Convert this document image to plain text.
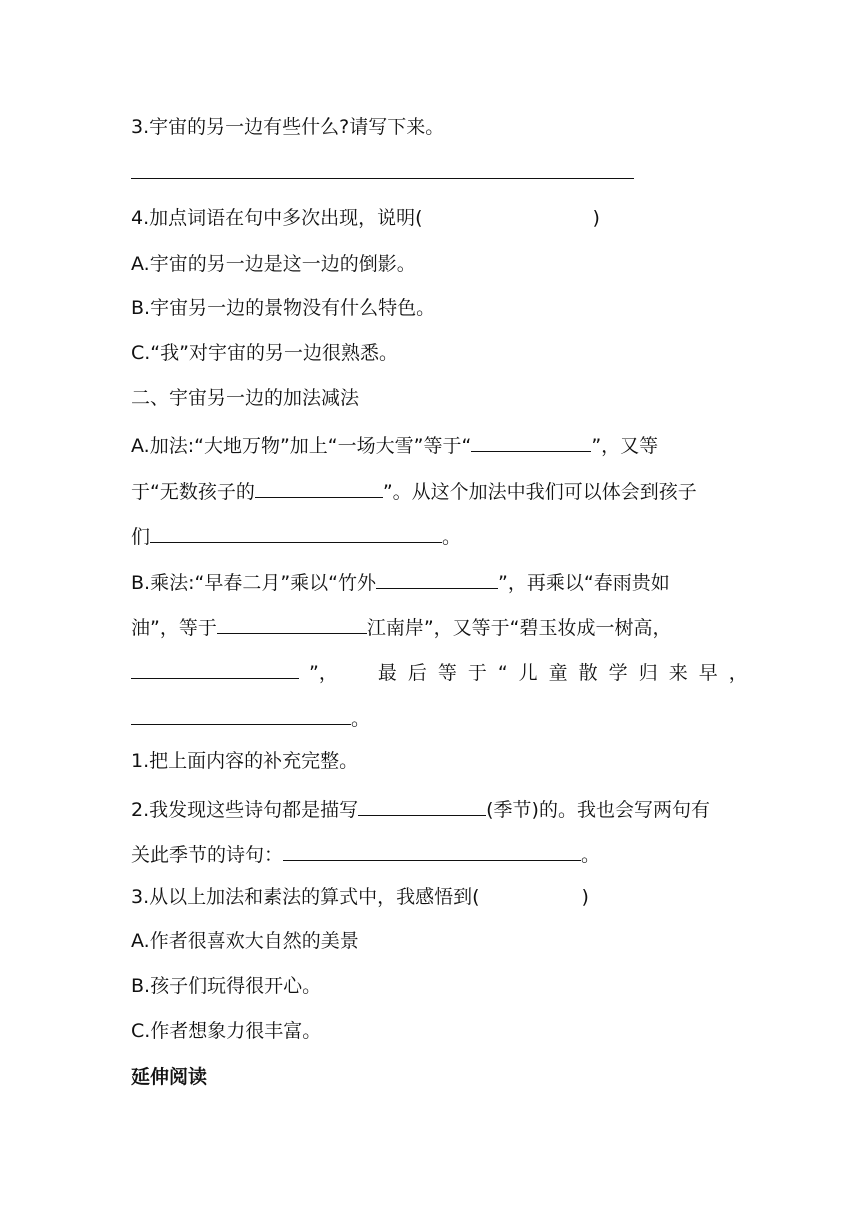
3.宇宙的另一边有些什么?请写下来。
4.加点词语在句中多次出现，说明(	)
A.宇宙的另一边是这一边的倒影。
B.宇宙另一边的景物没有什么特色。
C.“我”对宇宙的另一边很熟悉。
二、宇宙另一边的加法减法
A.加法:“大地万物”加上“一场大雪”等于“	”，又等
于“无数孩子的	”。从这个加法中我们可以体会到孩子
们	。
B.乘法:“早春二月”乘以“竹外	”，再乘以“春雨贵如
油”，等于	江南岸”，又等于“碧玉妆成一树高，
”， 最后等于“儿童散学归来早，
。
1.把上面内容的补充完整。
2.我发现这些诗句都是描写	(季节)的。我也会写两句有
关此季节的诗句：	。
3.从以上加法和素法的算式中，我感悟到(	)
A.作者很喜欢大自然的美景
B.孩子们玩得很开心。
C.作者想象力很丰富。
延伸阅读
